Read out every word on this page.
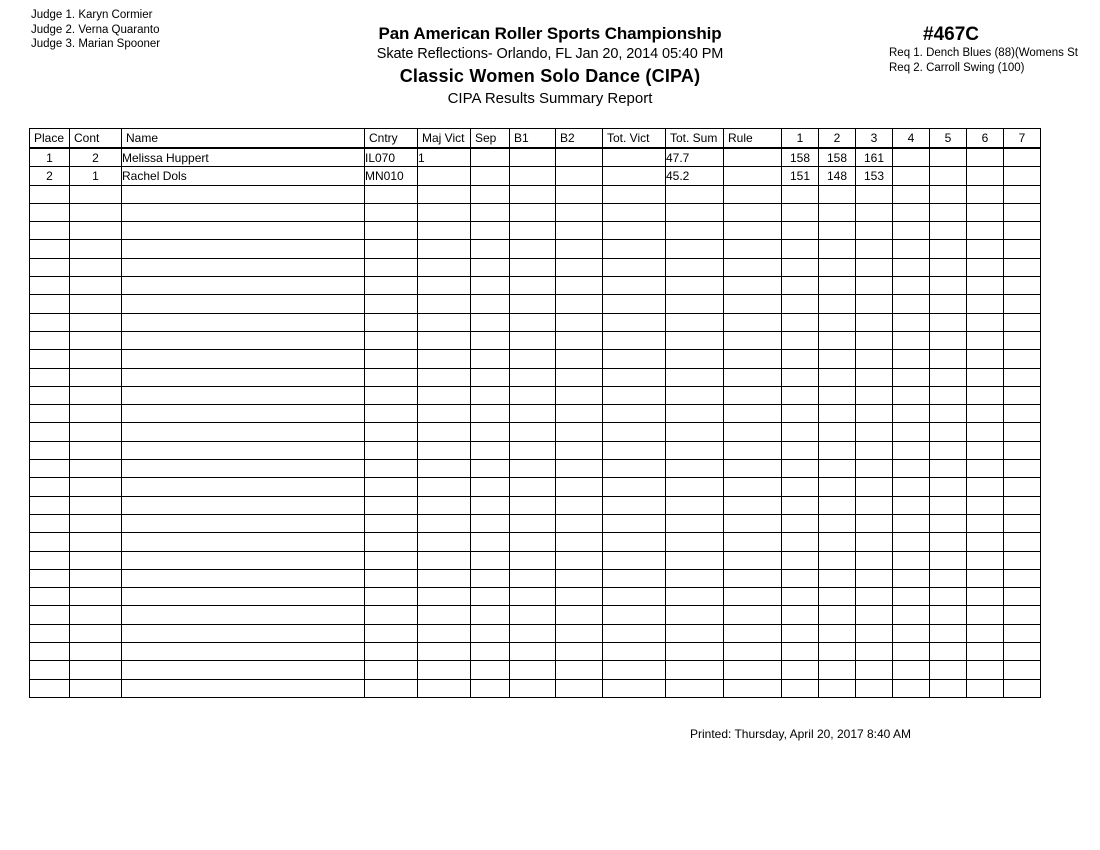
Judge 1. Karyn Cormier
Judge 2. Verna Quaranto
Judge 3. Marian Spooner
Pan American Roller Sports Championship
Skate Reflections- Orlando, FL Jan 20, 2014 05:40 PM
Classic Women Solo Dance (CIPA)
CIPA Results Summary Report
#467C
Req 1. Dench Blues (88)(Womens St
Req 2. Carroll Swing (100)
Place	Cont	Name	Cntry	Maj Vict	Sep	B1	B2	Tot. Vict	Tot. Sum	Rule	1	2	3	4	5	6	7
1	2	Melissa Huppert	IL070	1					47.7		158	158	161				
2	1	Rachel Dols	MN010						45.2		151	148	153				

Printed: Thursday, April 20, 2017 8:40 AM
